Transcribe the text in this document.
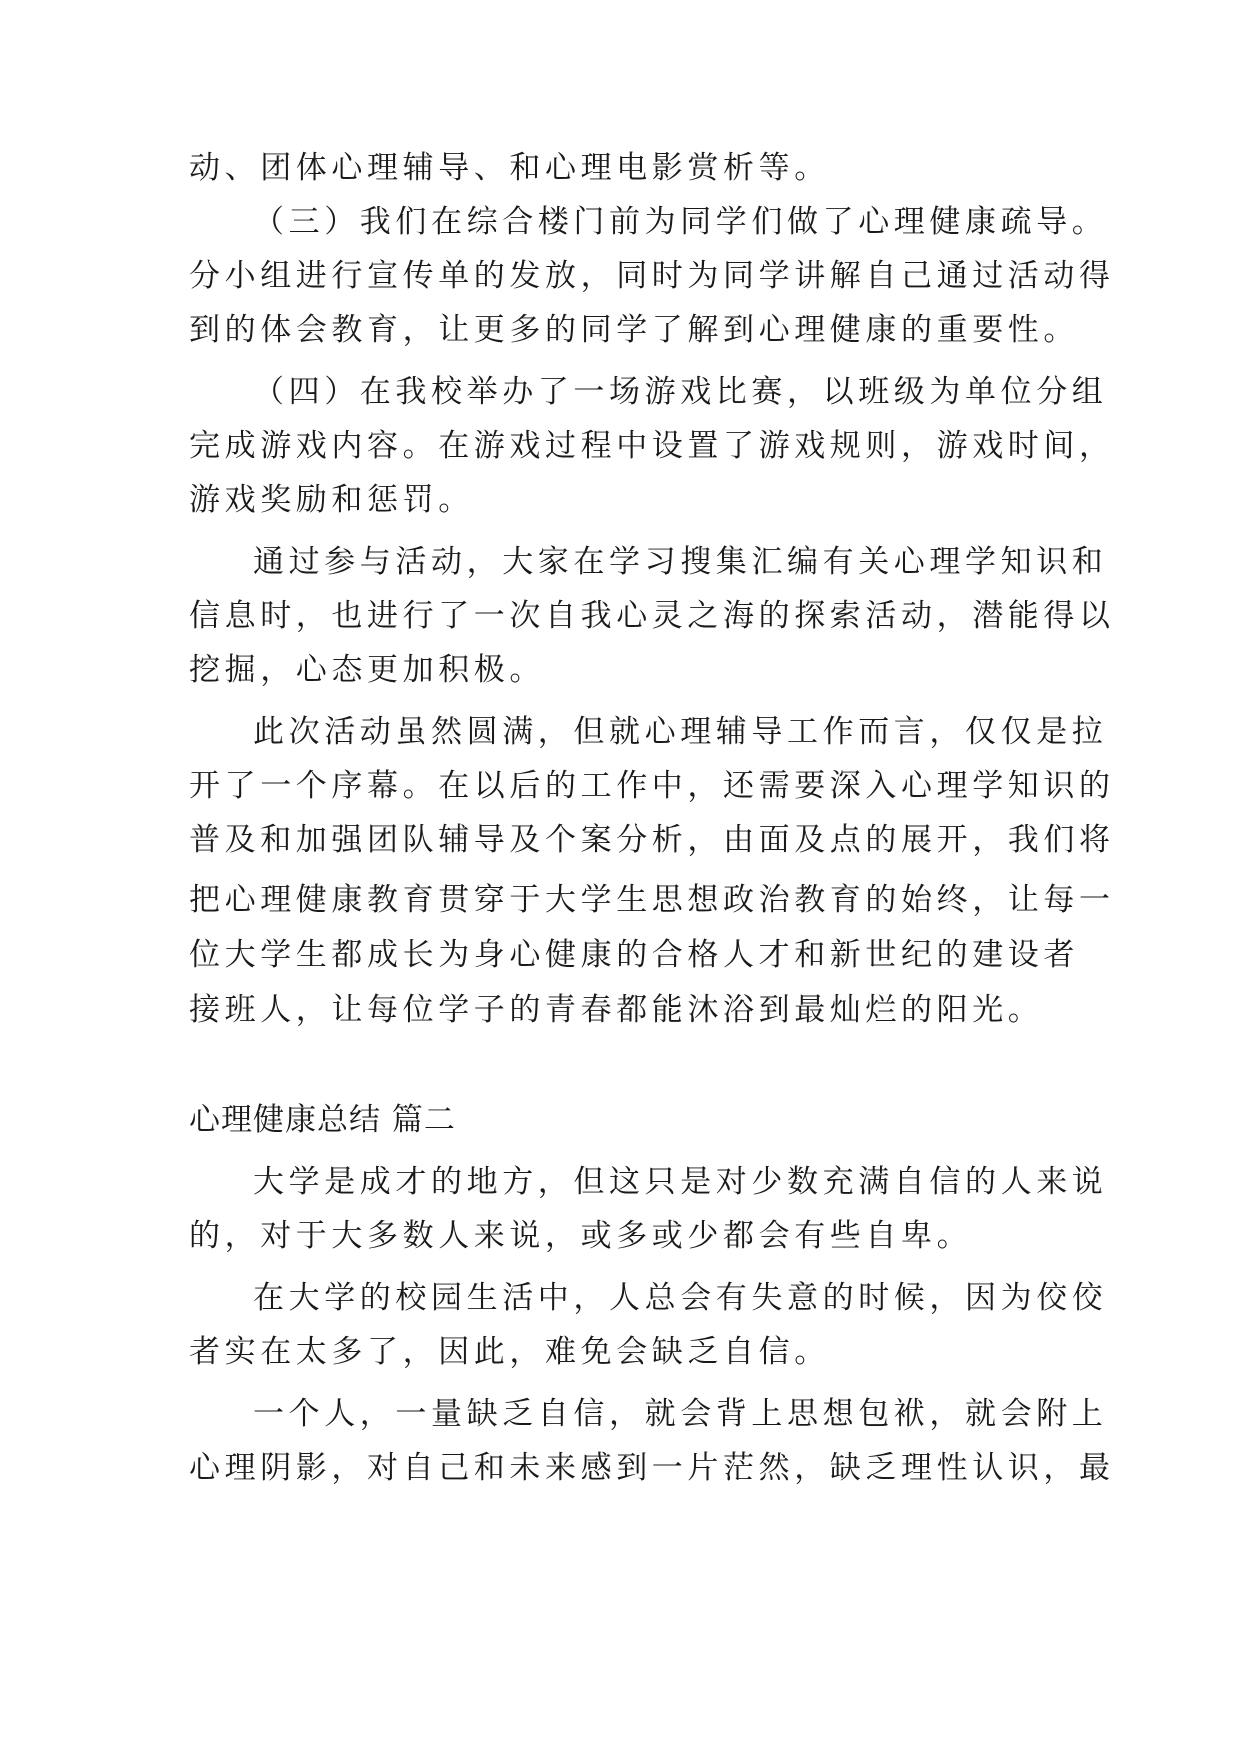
动、团体心理辅导、和心理电影赏析等。
（三）我们在综合楼门前为同学们做了心理健康疏导。
分小组进行宣传单的发放，同时为同学讲解自己通过活动得
到的体会教育，让更多的同学了解到心理健康的重要性。
（四）在我校举办了一场游戏比赛，以班级为单位分组
完成游戏内容。在游戏过程中设置了游戏规则，游戏时间，
游戏奖励和惩罚。
通过参与活动，大家在学习搜集汇编有关心理学知识和
信息时，也进行了一次自我心灵之海的探索活动，潜能得以
挖掘，心态更加积极。
此次活动虽然圆满，但就心理辅导工作而言，仅仅是拉
开了一个序幕。在以后的工作中，还需要深入心理学知识的
普及和加强团队辅导及个案分析，由面及点的展开，我们将
把心理健康教育贯穿于大学生思想政治教育的始终，让每一
位大学生都成长为身心健康的合格人才和新世纪的建设者
接班人，让每位学子的青春都能沐浴到最灿烂的阳光。
心理健康总结 篇二
大学是成才的地方，但这只是对少数充满自信的人来说
的，对于大多数人来说，或多或少都会有些自卑。
在大学的校园生活中，人总会有失意的时候，因为佼佼
者实在太多了，因此，难免会缺乏自信。
一个人，一量缺乏自信，就会背上思想包袱，就会附上
心理阴影，对自己和未来感到一片茫然，缺乏理性认识，最
